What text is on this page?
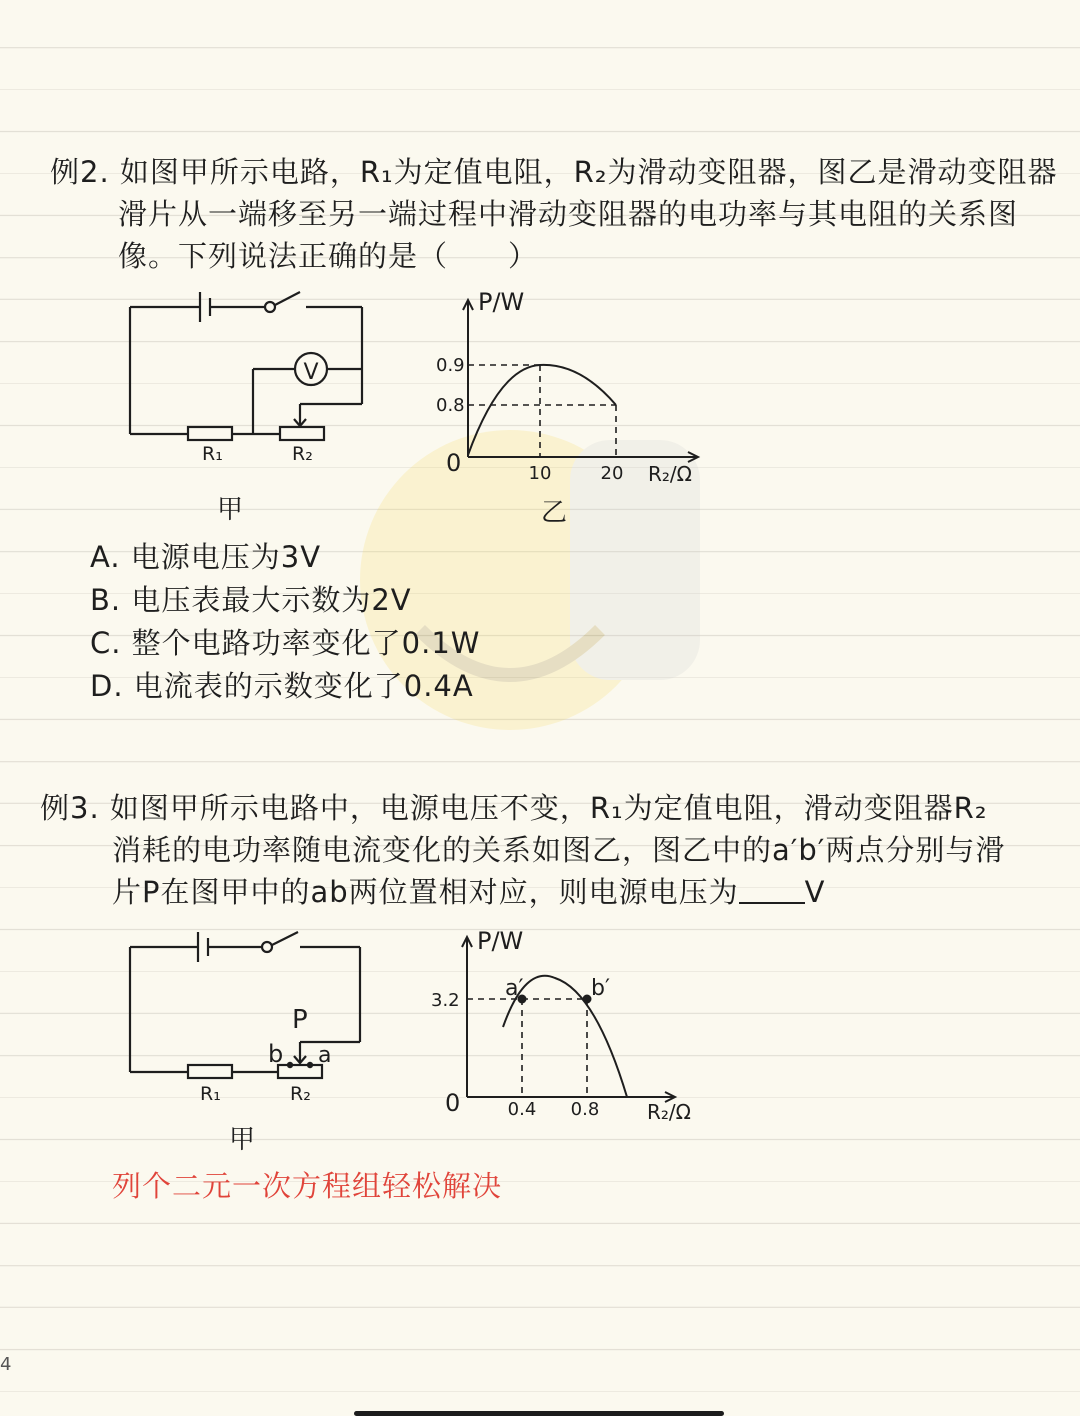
例2. 如图甲所示电路，R₁为定值电阻，R₂为滑动变阻器，图乙是滑动变阻器
滑片从一端移至另一端过程中滑动变阻器的电功率与其电阻的关系图
像。下列说法正确的是（　　）
V
R₁	R₂
甲
P/W
R₂/Ω
0
0.9
0.8
10	20
乙
A. 电源电压为3V
B. 电压表最大示数为2V
C. 整个电路功率变化了0.1W
D. 电流表的示数变化了0.4A
例3. 如图甲所示电路中，电源电压不变，R₁为定值电阻，滑动变阻器R₂
消耗的电功率随电流变化的关系如图乙，图乙中的a′b′两点分别与滑
片P在图甲中的ab两位置相对应，则电源电压为 V
P
b a
R₁	R₂
甲
P/W
R₂/Ω
0
3.2
0.4 0.8
a′	b′
列个二元一次方程组轻松解决
4
